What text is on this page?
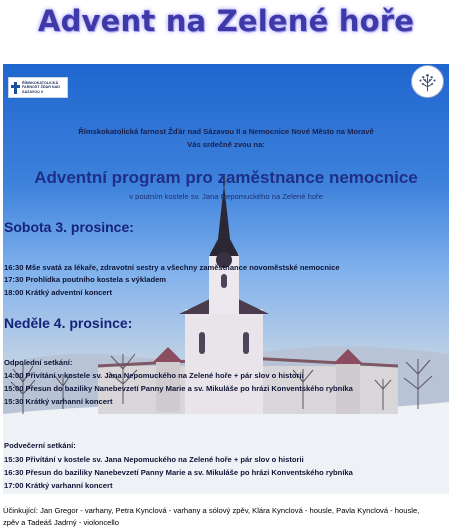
Advent na Zelené hoře
ŘÍMSKOKATOLICKÁ FARNOST ŽĎÁR NAD SÁZAVOU II
Římskokatolická farnost Žďár nad Sázavou II a Nemocnice Nové Město na Moravě
Vás srdečně zvou na:
Adventní program pro zaměstnance nemocnice
v poutním kostele sv. Jana Nepomuckého na Zelené hoře
Sobota 3. prosince:
16:30 Mše svatá za lékaře, zdravotní sestry a všechny zaměstnance novoměstské nemocnice
17:30 Prohlídka poutního kostela s výkladem
18:00 Krátký adventní koncert
Neděle 4. prosince:
Odpolední setkání:
14:00 Přivítání v kostele sv. Jana Nepomuckého na Zelené hoře + pár slov o historii
15:00 Přesun do baziliky Nanebevzetí Panny Marie a sv. Mikuláše po hrázi Konventského rybníka
15:30 Krátký varhanní koncert
Podvečerní setkání:
15:30 Přivítání v kostele sv. Jana Nepomuckého na Zelené hoře + pár slov o historii
16:30 Přesun do baziliky Nanebevzetí Panny Marie a sv. Mikuláše po hrázi Konventského rybníka
17:00 Krátký varhanní koncert
Účinkující: Jan Gregor - varhany, Petra Kynclová - varhany a sólový zpěv, Klára Kynclová - housle, Pavla Kynclová - housle,
zpěv a Tadeáš Jadrný - violoncello
